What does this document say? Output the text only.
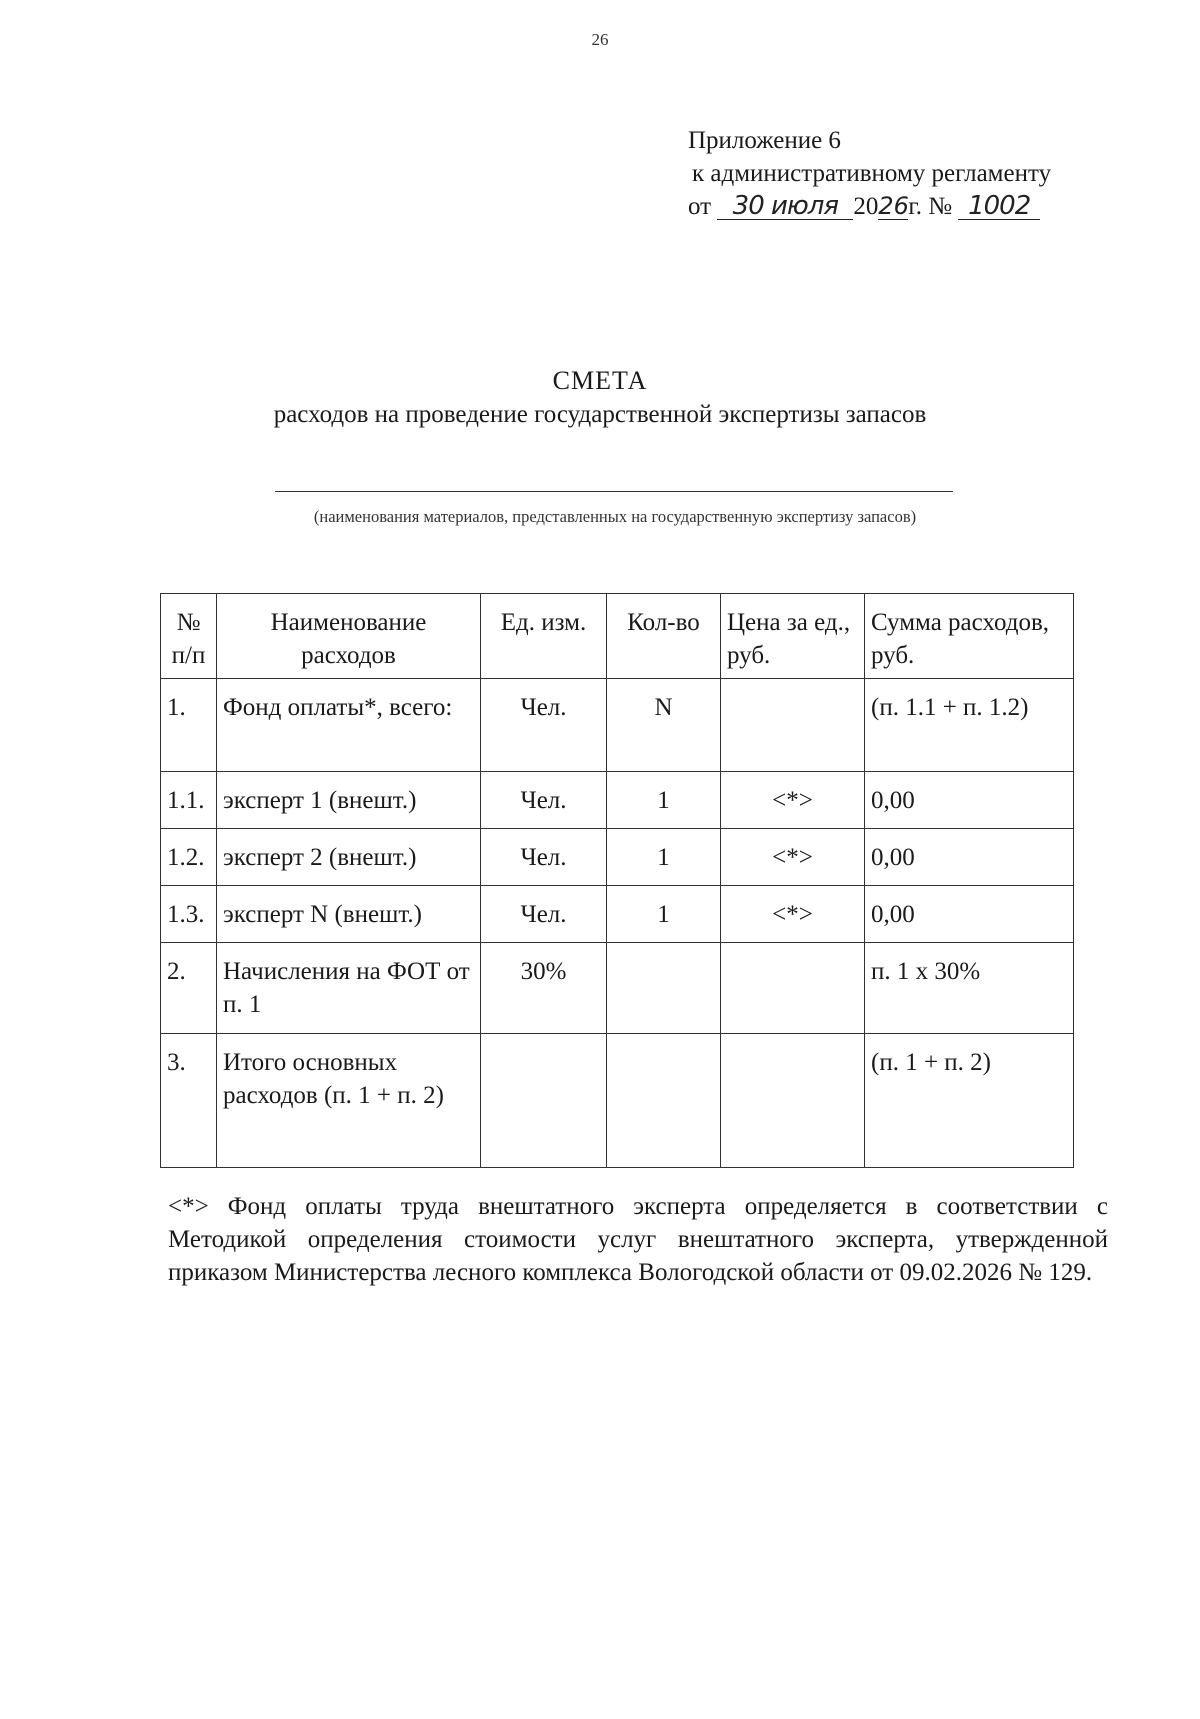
26
Приложение 6
к административному регламенту
от
30 июля 20 26 г. № 1002
СМЕТА
расходов на проведение государственной экспертизы запасов
(наименования материалов, представленных на государственную экспертизу запасов)
№ п/п	Наименование расходов	Ед. изм.	Кол-во	Цена за ед., руб.	Сумма расходов, руб.
1.	Фонд оплаты*, всего:	Чел.	N		(п. 1.1 + п. 1.2)
1.1.	эксперт 1 (внешт.)	Чел.	1	<*>	0,00
1.2.	эксперт 2 (внешт.)	Чел.	1	<*>	0,00
1.3.	эксперт N (внешт.)	Чел.	1	<*>	0,00
2.	Начисления на ФОТ от п. 1	30%			п. 1 х 30%
3.	Итого основных расходов (п. 1 + п. 2)				(п. 1 + п. 2)
<*> Фонд оплаты труда внештатного эксперта определяется в соответствии с Методикой определения стоимости услуг внештатного эксперта, утвержденной приказом Министерства лесного комплекса Вологодской области от 09.02.2026 № 129.
